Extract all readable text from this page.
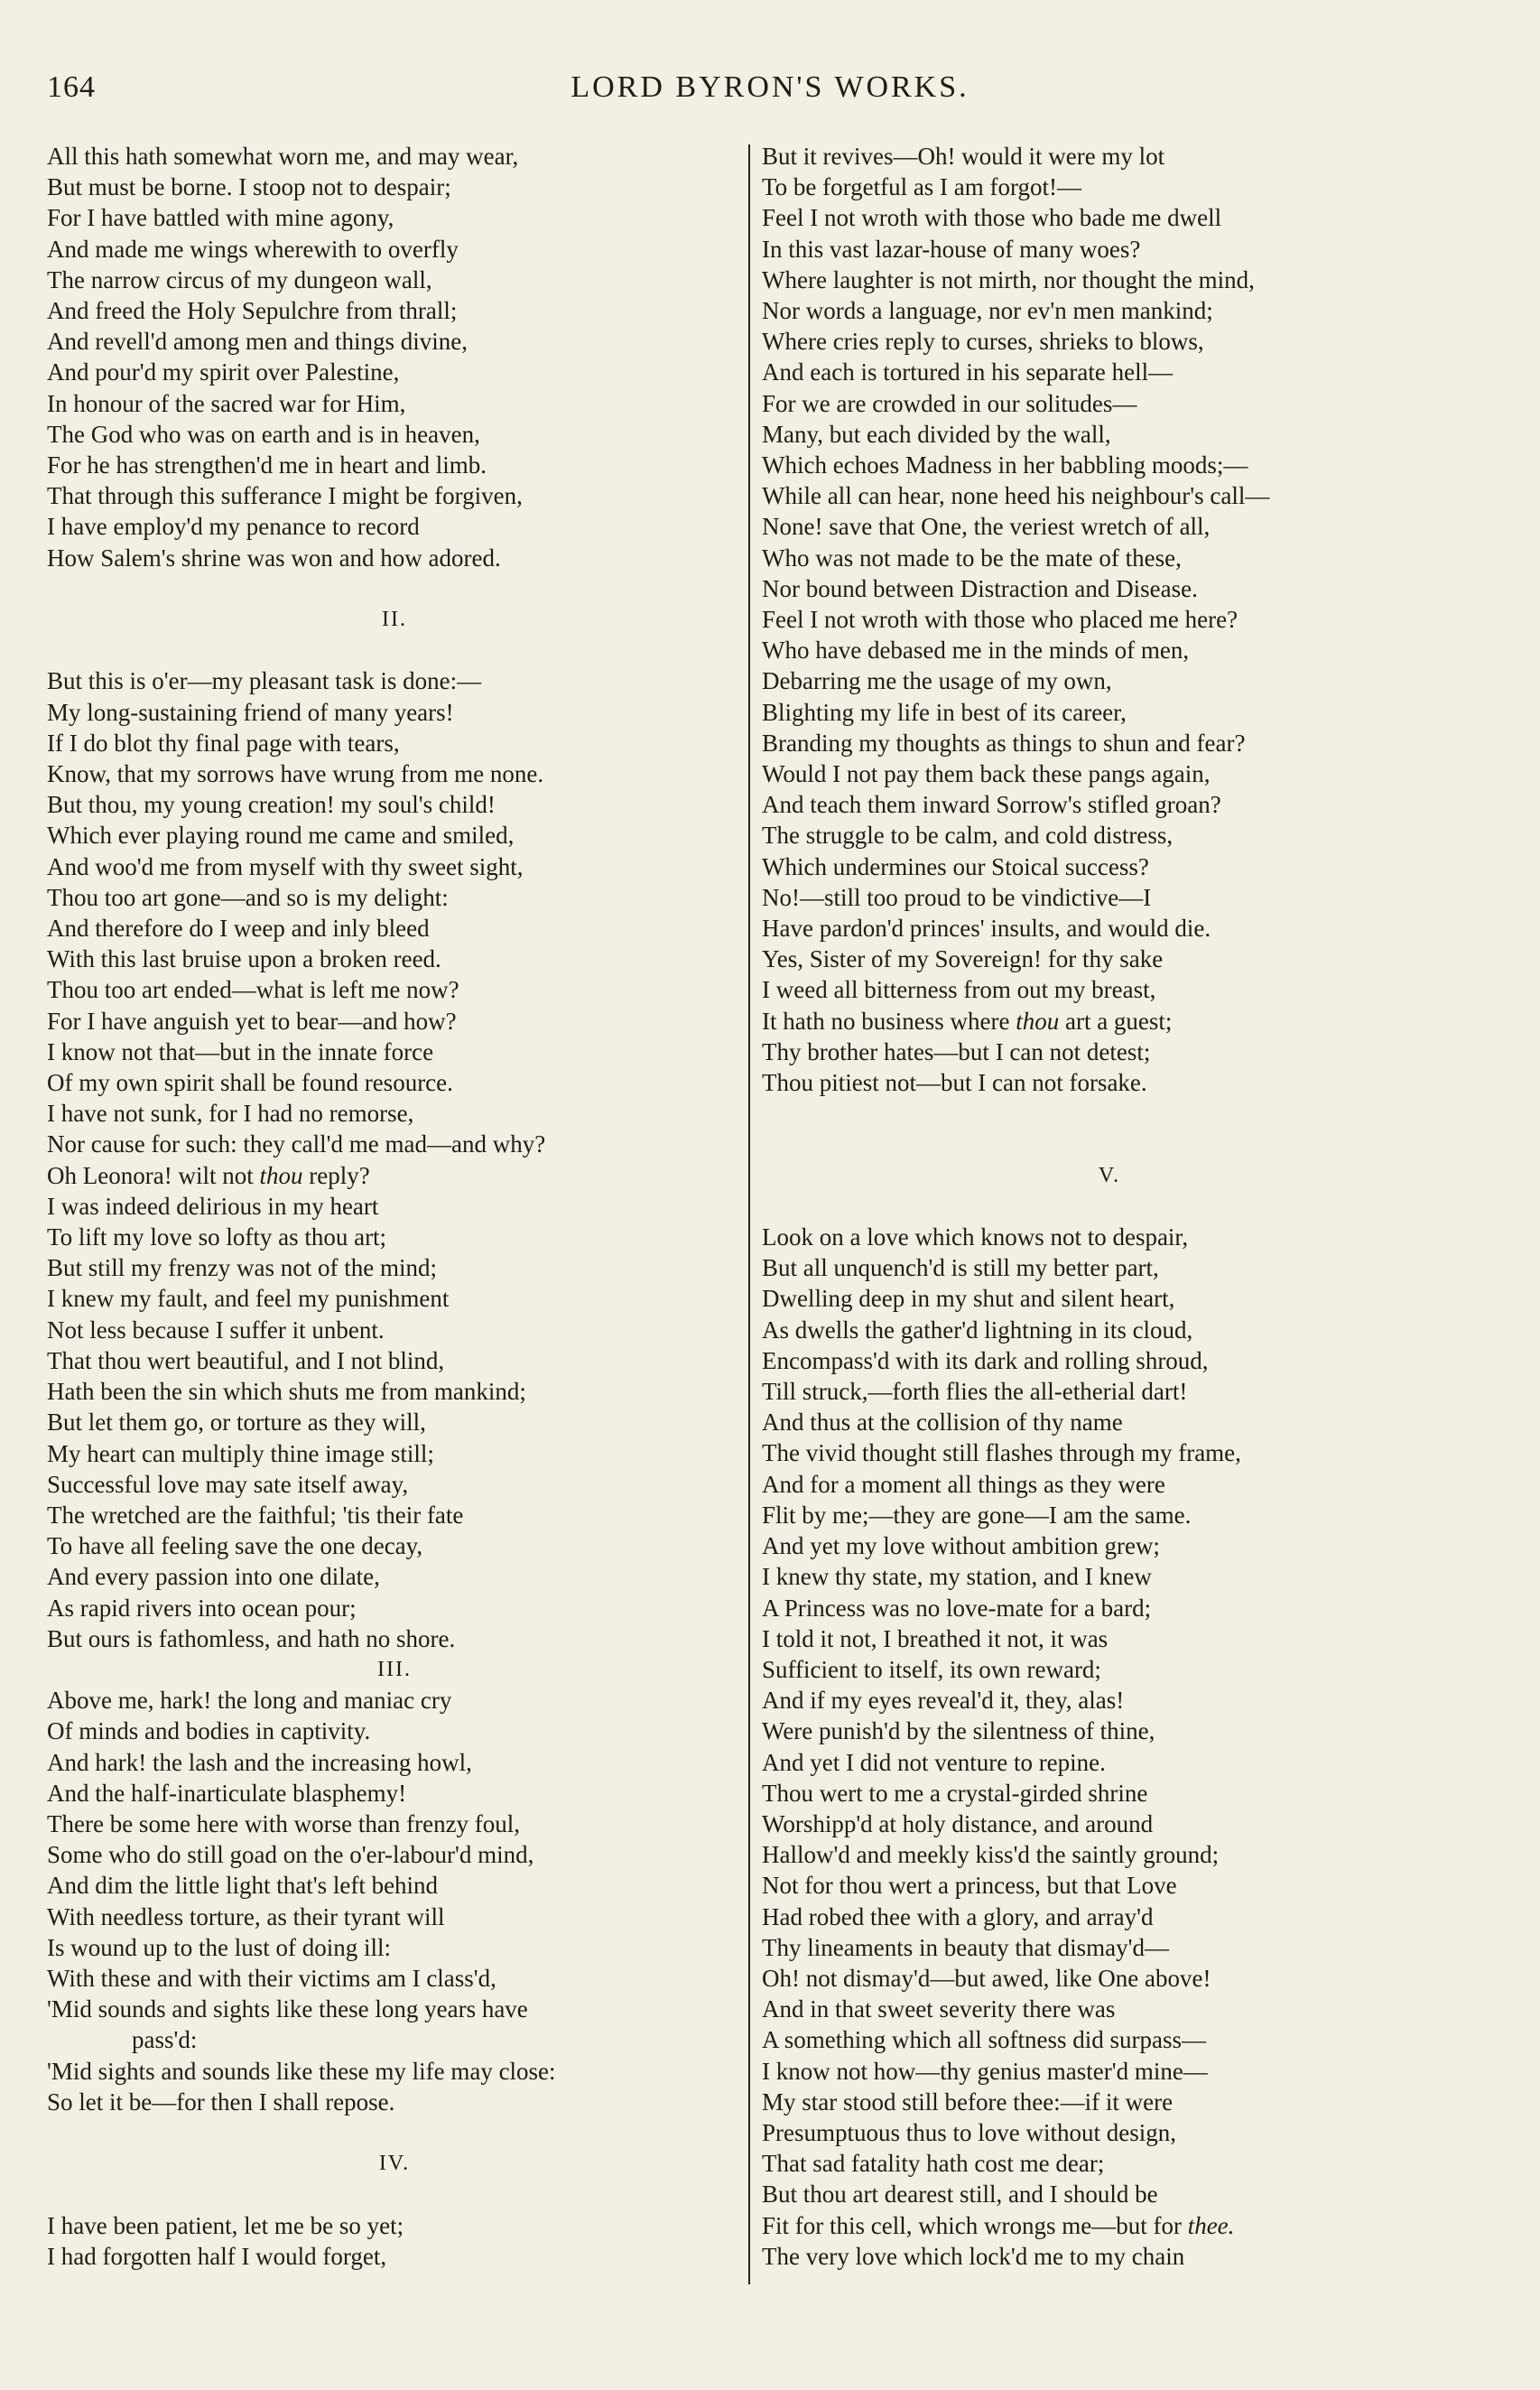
164	LORD BYRON'S WORKS.
All this hath somewhat worn me, and may wear,
But must be borne. I stoop not to despair;
For I have battled with mine agony,
And made me wings wherewith to overfly
The narrow circus of my dungeon wall,
And freed the Holy Sepulchre from thrall;
And revell'd among men and things divine,
And pour'd my spirit over Palestine,
In honour of the sacred war for Him,
The God who was on earth and is in heaven,
For he has strengthen'd me in heart and limb.
That through this sufferance I might be forgiven,
I have employ'd my penance to record
How Salem's shrine was won and how adored.
II.
But this is o'er—my pleasant task is done:—
My long-sustaining friend of many years!
If I do blot thy final page with tears,
Know, that my sorrows have wrung from me none.
But thou, my young creation! my soul's child!
Which ever playing round me came and smiled,
And woo'd me from myself with thy sweet sight,
Thou too art gone—and so is my delight:
And therefore do I weep and inly bleed
With this last bruise upon a broken reed.
Thou too art ended—what is left me now?
For I have anguish yet to bear—and how?
I know not that—but in the innate force
Of my own spirit shall be found resource.
I have not sunk, for I had no remorse,
Nor cause for such: they call'd me mad—and why?
Oh Leonora! wilt not thou reply?
I was indeed delirious in my heart
To lift my love so lofty as thou art;
But still my frenzy was not of the mind;
I knew my fault, and feel my punishment
Not less because I suffer it unbent.
That thou wert beautiful, and I not blind,
Hath been the sin which shuts me from mankind;
But let them go, or torture as they will,
My heart can multiply thine image still;
Successful love may sate itself away,
The wretched are the faithful; 'tis their fate
To have all feeling save the one decay,
And every passion into one dilate,
As rapid rivers into ocean pour;
But ours is fathomless, and hath no shore.
III.
Above me, hark! the long and maniac cry
Of minds and bodies in captivity.
And hark! the lash and the increasing howl,
And the half-inarticulate blasphemy!
There be some here with worse than frenzy foul,
Some who do still goad on the o'er-labour'd mind,
And dim the little light that's left behind
With needless torture, as their tyrant will
Is wound up to the lust of doing ill:
With these and with their victims am I class'd,
'Mid sounds and sights like these long years have
pass'd:
'Mid sights and sounds like these my life may close:
So let it be—for then I shall repose.
IV.
I have been patient, let me be so yet;
I had forgotten half I would forget,
But it revives—Oh! would it were my lot
To be forgetful as I am forgot!—
Feel I not wroth with those who bade me dwell
In this vast lazar-house of many woes?
Where laughter is not mirth, nor thought the mind,
Nor words a language, nor ev'n men mankind;
Where cries reply to curses, shrieks to blows,
And each is tortured in his separate hell—
For we are crowded in our solitudes—
Many, but each divided by the wall,
Which echoes Madness in her babbling moods;—
While all can hear, none heed his neighbour's call—
None! save that One, the veriest wretch of all,
Who was not made to be the mate of these,
Nor bound between Distraction and Disease.
Feel I not wroth with those who placed me here?
Who have debased me in the minds of men,
Debarring me the usage of my own,
Blighting my life in best of its career,
Branding my thoughts as things to shun and fear?
Would I not pay them back these pangs again,
And teach them inward Sorrow's stifled groan?
The struggle to be calm, and cold distress,
Which undermines our Stoical success?
No!—still too proud to be vindictive—I
Have pardon'd princes' insults, and would die.
Yes, Sister of my Sovereign! for thy sake
I weed all bitterness from out my breast,
It hath no business where thou art a guest;
Thy brother hates—but I can not detest;
Thou pitiest not—but I can not forsake.
V.
Look on a love which knows not to despair,
But all unquench'd is still my better part,
Dwelling deep in my shut and silent heart,
As dwells the gather'd lightning in its cloud,
Encompass'd with its dark and rolling shroud,
Till struck,—forth flies the all-etherial dart!
And thus at the collision of thy name
The vivid thought still flashes through my frame,
And for a moment all things as they were
Flit by me;—they are gone—I am the same.
And yet my love without ambition grew;
I knew thy state, my station, and I knew
A Princess was no love-mate for a bard;
I told it not, I breathed it not, it was
Sufficient to itself, its own reward;
And if my eyes reveal'd it, they, alas!
Were punish'd by the silentness of thine,
And yet I did not venture to repine.
Thou wert to me a crystal-girded shrine
Worshipp'd at holy distance, and around
Hallow'd and meekly kiss'd the saintly ground;
Not for thou wert a princess, but that Love
Had robed thee with a glory, and array'd
Thy lineaments in beauty that dismay'd—
Oh! not dismay'd—but awed, like One above!
And in that sweet severity there was
A something which all softness did surpass—
I know not how—thy genius master'd mine—
My star stood still before thee:—if it were
Presumptuous thus to love without design,
That sad fatality hath cost me dear;
But thou art dearest still, and I should be
Fit for this cell, which wrongs me—but for thee.
The very love which lock'd me to my chain
